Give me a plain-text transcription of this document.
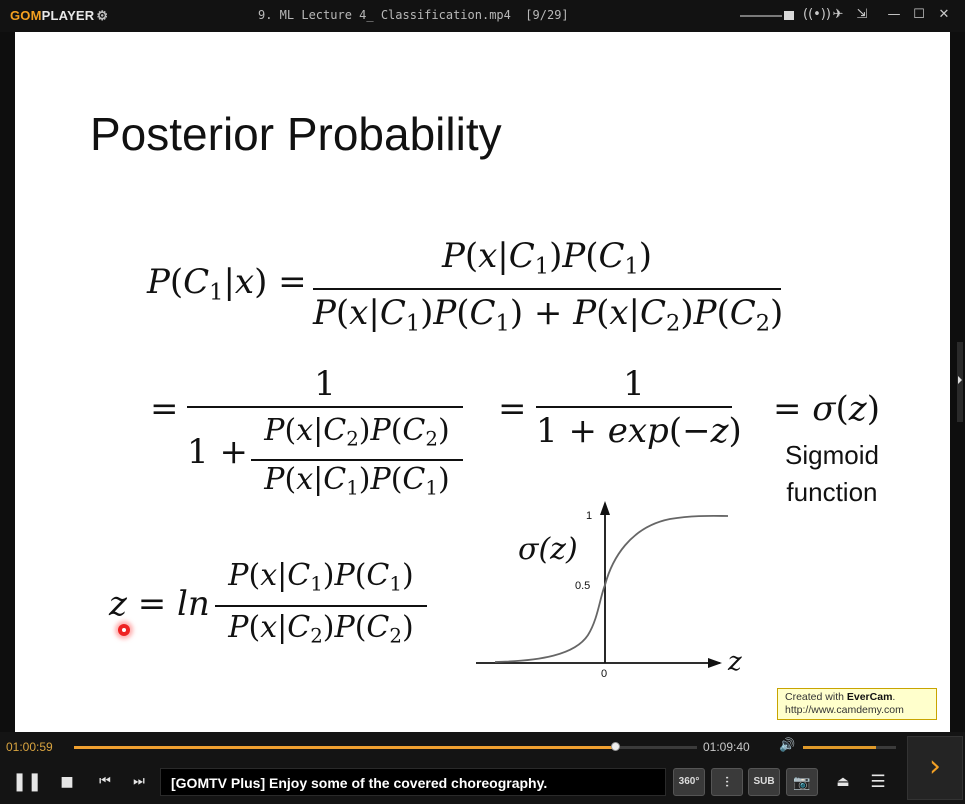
GOMPLAYER ⚙	9. ML Lecture 4_ Classification.mp4  [9/29]	((•)) ✈ ⇲ — ☐ ✕
Posterior Probability
$P(C_1|x)$ =
$P(x|C_1)P(C_1)$
$P(x|C_1)P(C_1) + P(x|C_2)P(C_2)$
=
1
1 +
$P(x|C_2)P(C_2)$
$P(x|C_1)P(C_1)$
=
1
1 + exp(−z)
= σ(z)
Sigmoid
function
z = ln
$P(x|C_1)P(C_1)$
$P(x|C_2)P(C_2)$
σ(z)
1
0.5
0	z
Created with EverCam.
http://www.camdemy.com
01:00:59	01:09:40 🔊
❚❚	■	⏮	⏭	[GOMTV Plus] Enjoy some of the covered choreography.	360°	⫶	SUB	📷	⏏ ☰	›
